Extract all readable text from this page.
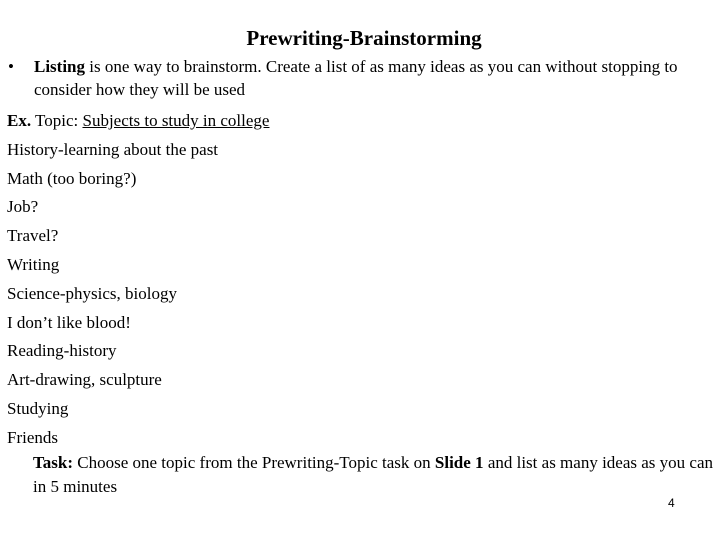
Prewriting-Brainstorming
• Listing is one way to brainstorm. Create a list of as many ideas as you can without stopping to consider how they will be used
Ex. Topic: Subjects to study in college
History-learning about the past
Math (too boring?)
Job?
Travel?
Writing
Science-physics, biology
I don’t like blood!
Reading-history
Art-drawing, sculpture
Studying
Friends
Task: Choose one topic from the Prewriting-Topic task on Slide 1 and list as many ideas as you can in 5 minutes
4
